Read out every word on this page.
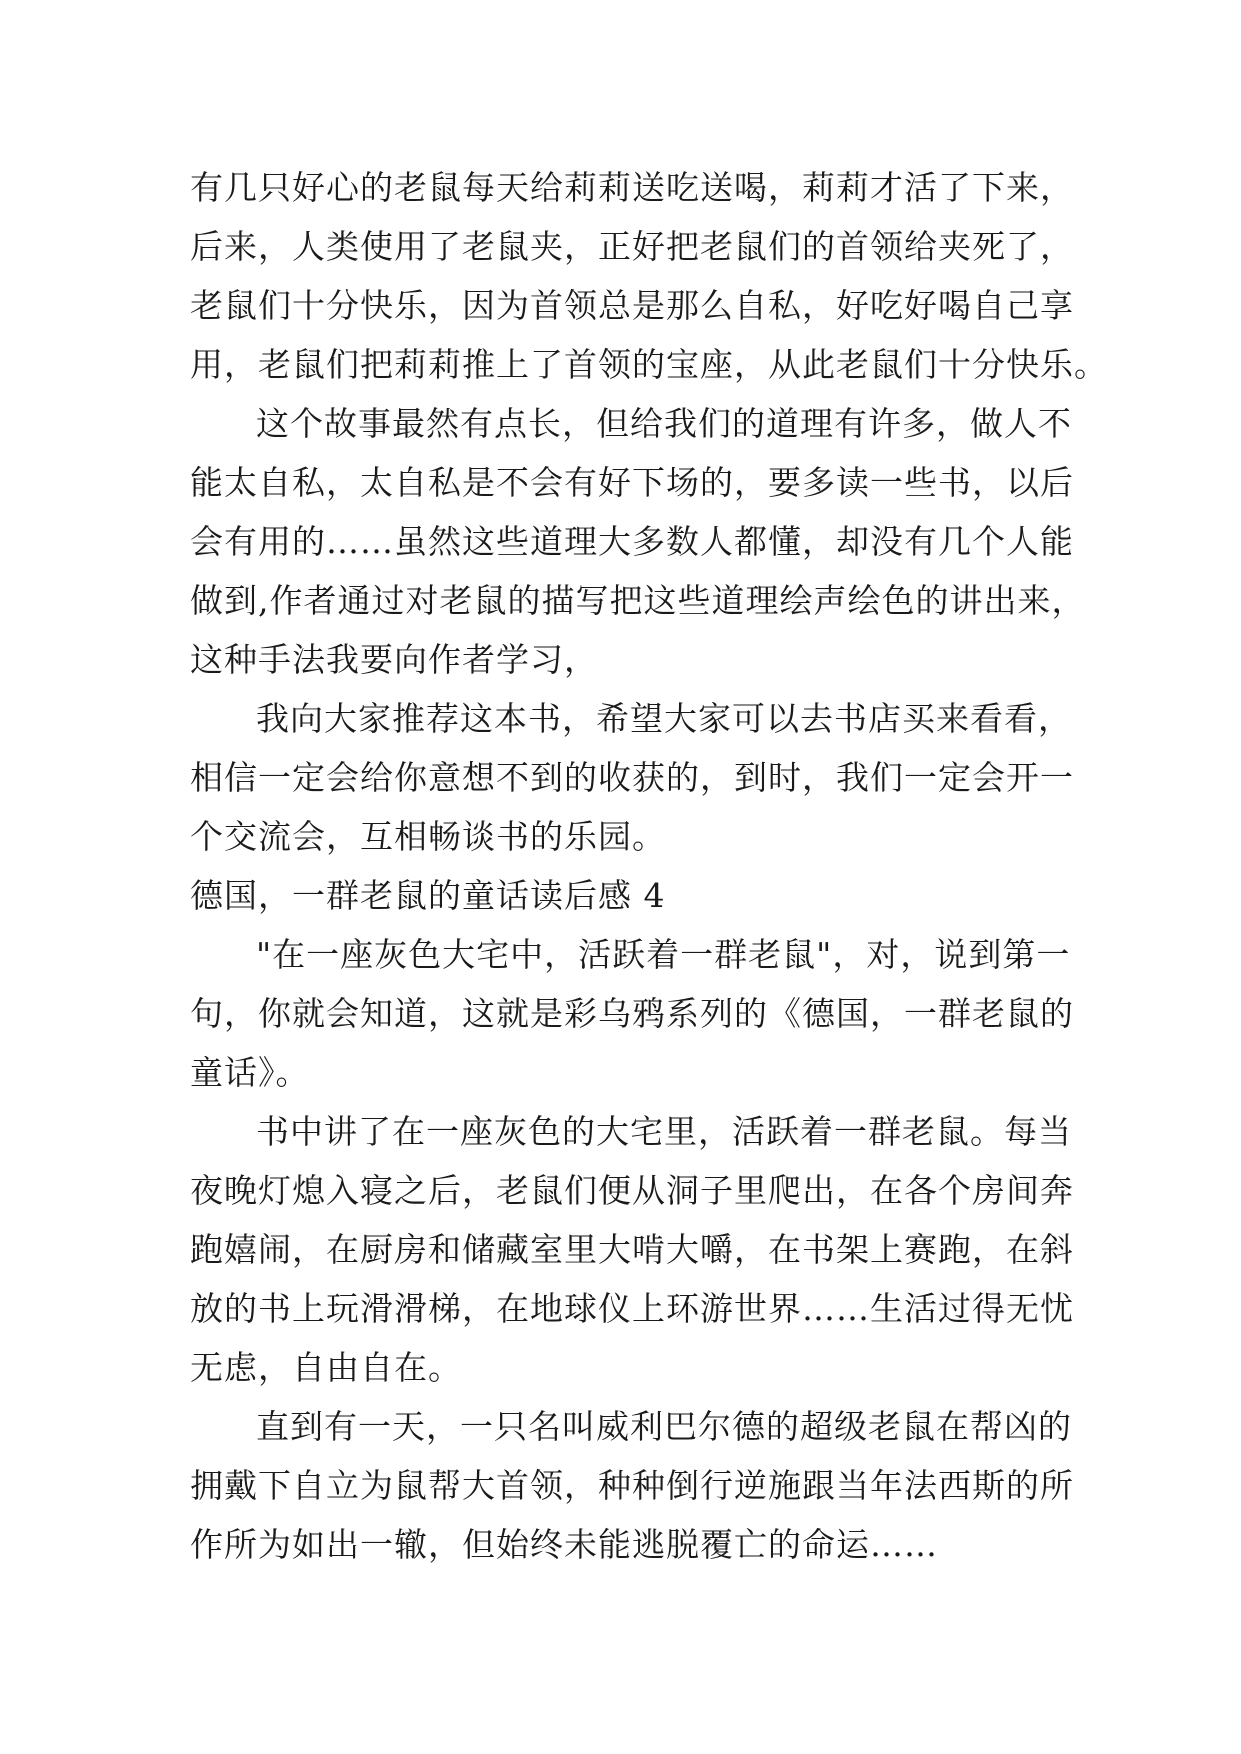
有几只好心的老鼠每天给莉莉送吃送喝，莉莉才活了下来，
后来，人类使用了老鼠夹，正好把老鼠们的首领给夹死了，
老鼠们十分快乐，因为首领总是那么自私，好吃好喝自己享
用，老鼠们把莉莉推上了首领的宝座，从此老鼠们十分快乐。
这个故事最然有点长，但给我们的道理有许多，做人不
能太自私，太自私是不会有好下场的，要多读一些书，以后
会有用的……虽然这些道理大多数人都懂，却没有几个人能
做到,作者通过对老鼠的描写把这些道理绘声绘色的讲出来，
这种手法我要向作者学习，
我向大家推荐这本书，希望大家可以去书店买来看看，
相信一定会给你意想不到的收获的，到时，我们一定会开一
个交流会，互相畅谈书的乐园。
德国，一群老鼠的童话读后感 4
"在一座灰色大宅中，活跃着一群老鼠"，对，说到第一
句，你就会知道，这就是彩乌鸦系列的《德国，一群老鼠的
童话》。
书中讲了在一座灰色的大宅里，活跃着一群老鼠。每当
夜晚灯熄入寝之后，老鼠们便从洞子里爬出，在各个房间奔
跑嬉闹，在厨房和储藏室里大啃大嚼，在书架上赛跑，在斜
放的书上玩滑滑梯，在地球仪上环游世界……生活过得无忧
无虑，自由自在。
直到有一天，一只名叫威利巴尔德的超级老鼠在帮凶的
拥戴下自立为鼠帮大首领，种种倒行逆施跟当年法西斯的所
作所为如出一辙，但始终未能逃脱覆亡的命运……
